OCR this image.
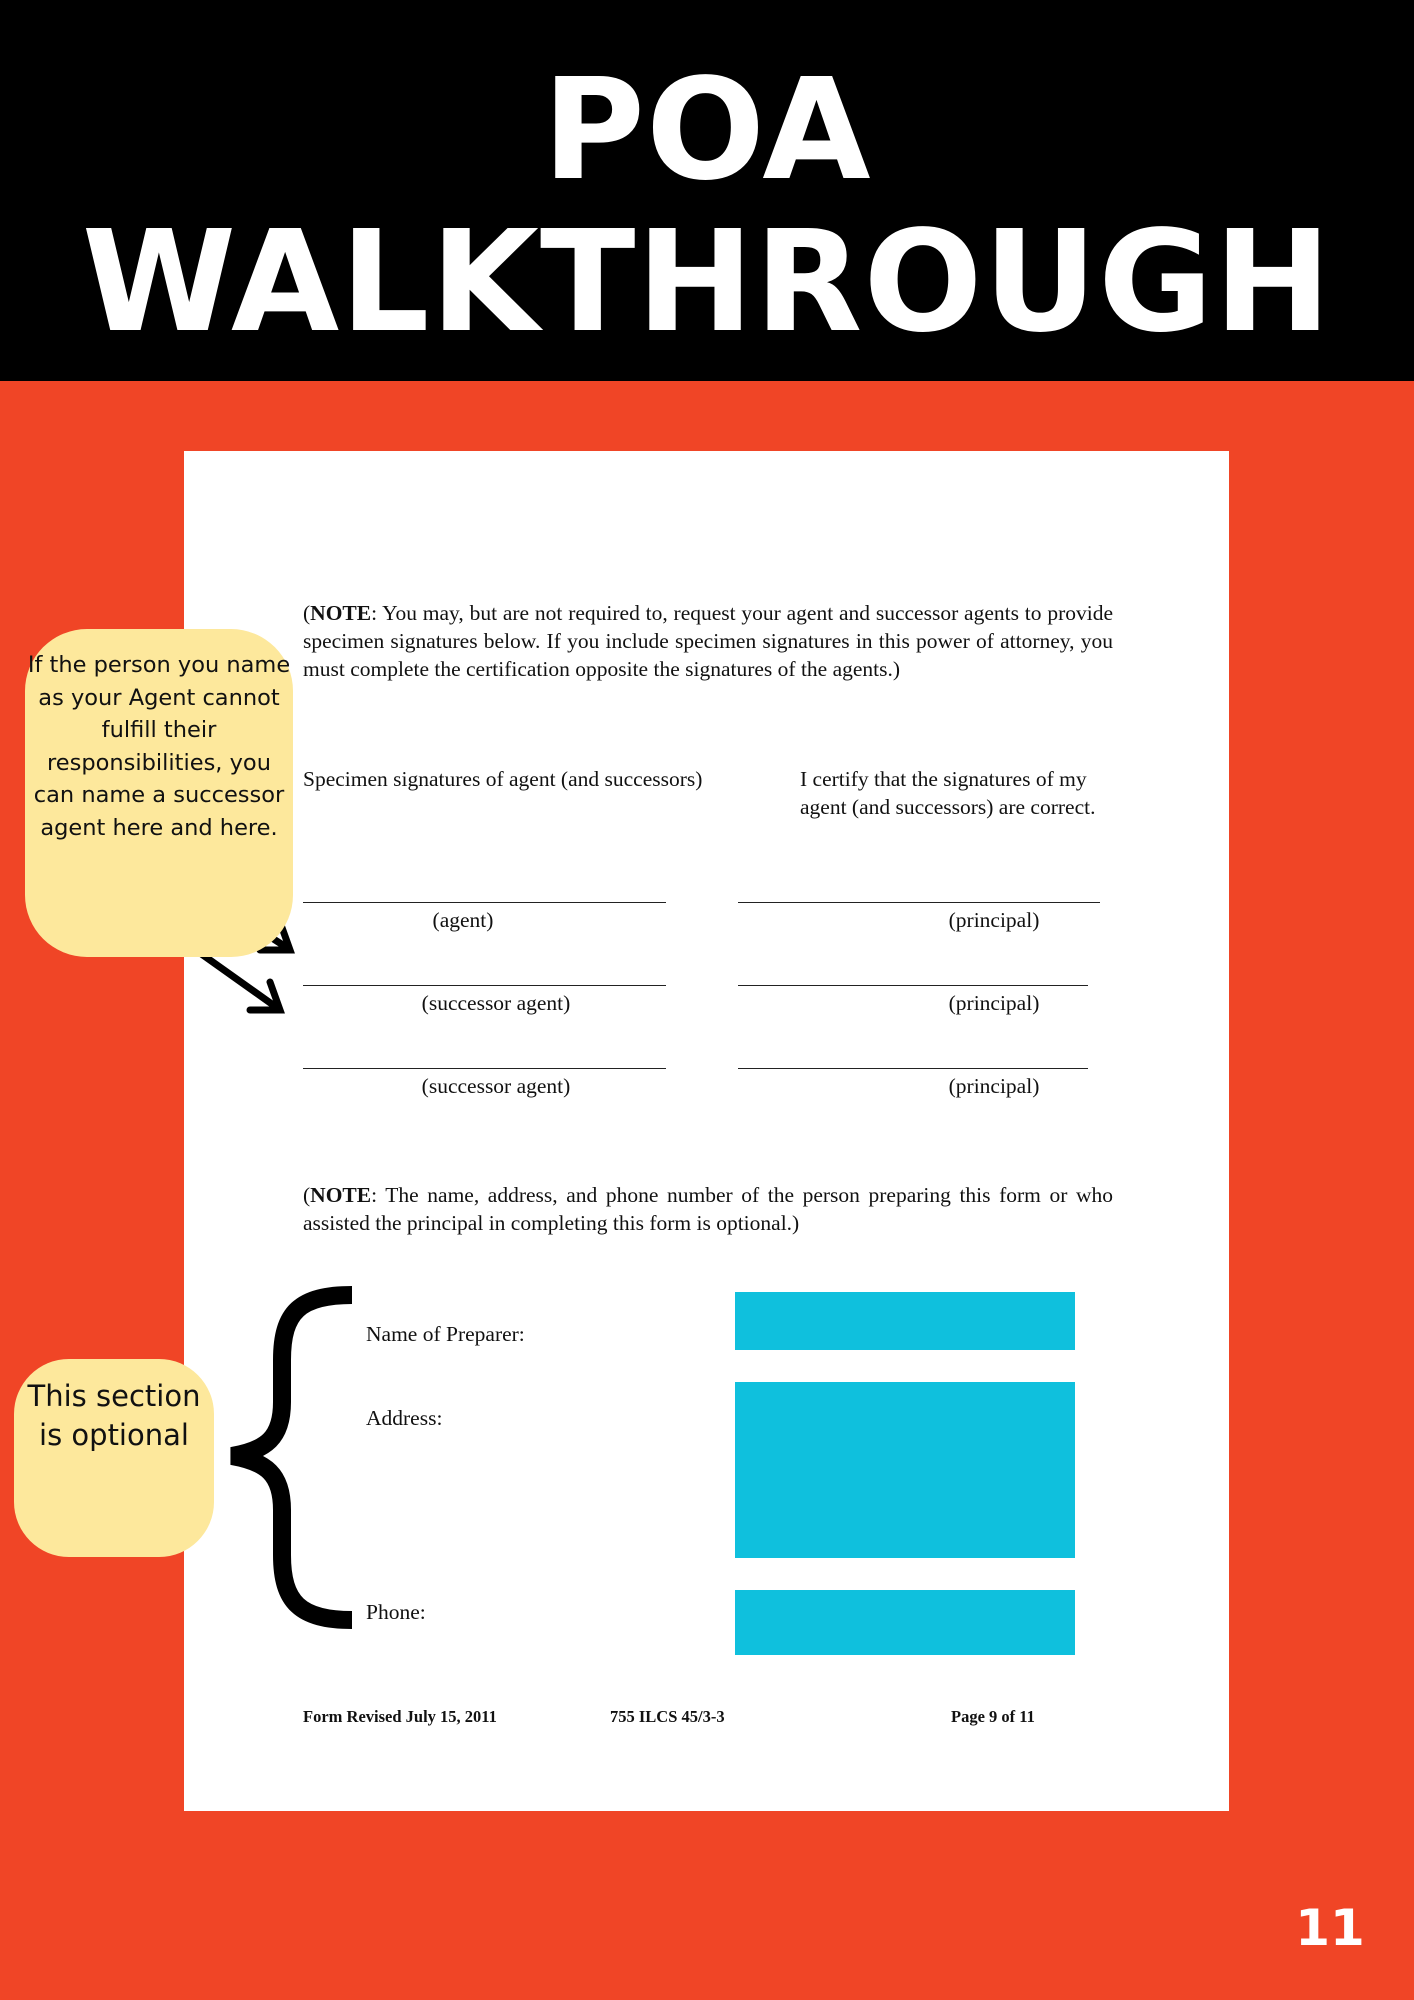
POA
WALKTHROUGH
(NOTE: You may, but are not required to, request your agent and successor agents to provide specimen signatures below. If you include specimen signatures in this power of attorney, you must complete the certification opposite the signatures of the agents.)
Specimen signatures of agent (and successors)	I certify that the signatures of my agent (and successors) are correct.
(agent)	(principal)
(successor agent)	(principal)
(successor agent)	(principal)
(NOTE: The name, address, and phone number of the person preparing this form or who assisted the principal in completing this form is optional.)
Name of Preparer:
Address:
Phone:
Form Revised July 15, 2011	755 ILCS 45/3-3	Page 9 of 11
If the person you name as your Agent cannot fulfill their responsibilities, you can name a successor agent here and here.
This section is optional
11
